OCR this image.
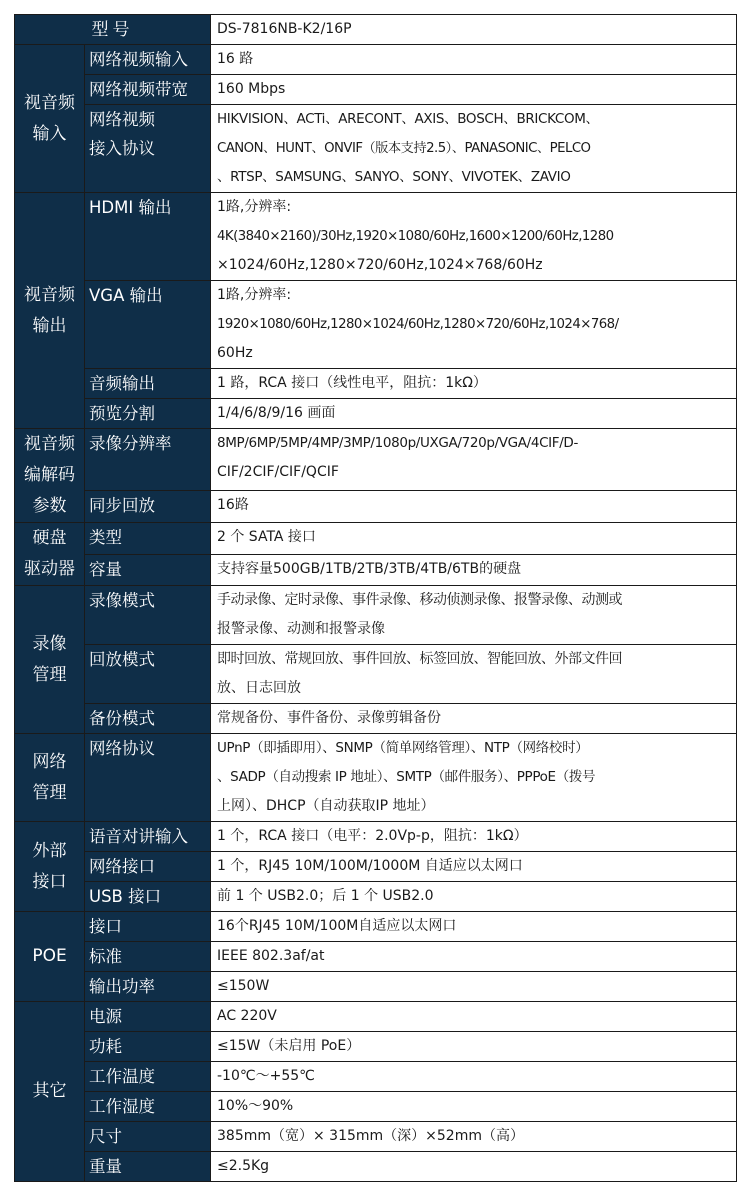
型号		DS-7816NB-K2/16P

视音频
输入	网络视频输入	16 路

	网络视频带宽	160 Mbps

	网络视频
接入协议	HIKVISION、ACTi、ARECONT、AXIS、BOSCH、BRICKCOM、
CANON、HUNT、ONVIF（版本支持2.5）、PANASONIC、PELCO
、RTSP、SAMSUNG、SANYO、SONY、VIVOTEK、ZAVIO

视音频
输出	HDMI 输出	1路,分辨率:
4K(3840×2160)/30Hz,1920×1080/60Hz,1600×1200/60Hz,1280
×1024/60Hz,1280×720/60Hz,1024×768/60Hz

	VGA 输出	1路,分辨率:
1920×1080/60Hz,1280×1024/60Hz,1280×720/60Hz,1024×768/
60Hz

	音频输出	1 路，RCA 接口（线性电平，阻抗：1kΩ）

	预览分割	1/4/6/8/9/16 画面

视音频
编解码
参数	录像分辨率	8MP/6MP/5MP/4MP/3MP/1080p/UXGA/720p/VGA/4CIF/D-
CIF/2CIF/CIF/QCIF

	同步回放	16路

硬盘
驱动器	类型	2 个 SATA 接口

	容量	支持容量500GB/1TB/2TB/3TB/4TB/6TB的硬盘

录像
管理	录像模式	手动录像、定时录像、事件录像、移动侦测录像、报警录像、动测或
报警录像、动测和报警录像

	回放模式	即时回放、常规回放、事件回放、标签回放、智能回放、外部文件回
放、日志回放

	备份模式	常规备份、事件备份、录像剪辑备份

网络
管理	网络协议	UPnP（即插即用）、SNMP（简单网络管理）、NTP（网络校时）
、SADP（自动搜索 IP 地址）、SMTP（邮件服务）、PPPoE（拨号
上网）、DHCP（自动获取IP 地址）

外部
接口	语音对讲输入	1 个，RCA 接口（电平：2.0Vp-p，阻抗：1kΩ）

	网络接口	1 个，RJ45 10M/100M/1000M 自适应以太网口

	USB 接口	前 1 个 USB2.0；后 1 个 USB2.0

POE	接口	16个RJ45 10M/100M自适应以太网口

	标准	IEEE 802.3af/at

	输出功率	≤150W

其它	电源	AC 220V

	功耗	≤15W（未启用 PoE）

	工作温度	-10℃～+55℃

	工作湿度	10%～90%

	尺寸	385mm（宽）× 315mm（深）×52mm（高）

	重量	≤2.5Kg
